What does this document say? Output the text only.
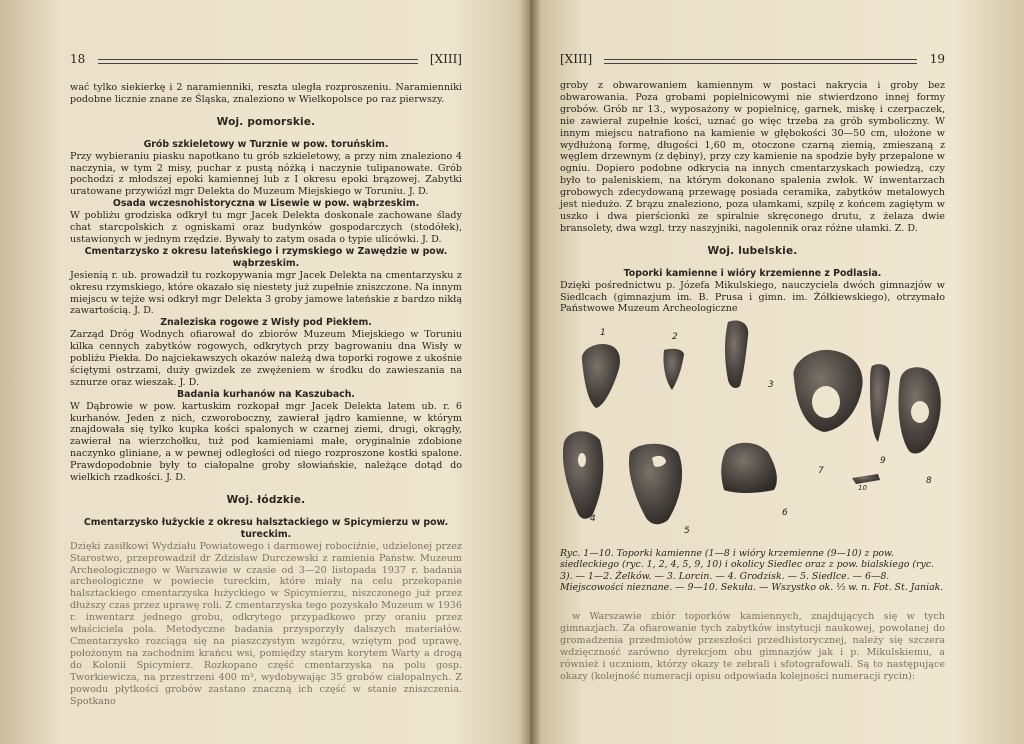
18	[XIII]

wać tylko siekierkę i 2 naramienniki, reszta uległa rozproszeniu. Naramienniki podobne licznie znane ze Śląska, znaleziono w Wielkopolsce po raz pierwszy.

Woj. pomorskie.

Grób szkieletowy w Turznie w pow. toruńskim.

Przy wybieraniu piasku napotkano tu grób szkieletowy, a przy nim znaleziono 4 naczynia, w tym 2 misy, puchar z pustą nóżką i naczynie tulipanowate. Grób pochodzi z młodszej epoki kamiennej lub z I okresu epoki brązowej. Zabytki uratowane przywiózł mgr Delekta do Muzeum Miejskiego w Toruniu. J. D.

Osada wczesnohistoryczna w Lisewie w pow. wąbrzeskim.

W pobliżu grodziska odkrył tu mgr Jacek Delekta doskonale zachowane ślady chat starcpolskich z ogniskami oraz budynków gospodarczych (stodółek), ustawionych w jednym rzędzie. Bywały to zatym osada o typie ulicówki. J. D.

Cmentarzysko z okresu lateńskiego i rzymskiego w Zawędzie w pow. wąbrzeskim.

Jesienią r. ub. prowadził tu rozkopywania mgr Jacek Delekta na cmentarzysku z okresu rzymskiego, które okazało się niestety już zupełnie zniszczone. Na innym miejscu w tejże wsi odkrył mgr Delekta 3 groby jamowe lateńskie z bardzo nikłą zawartością. J. D.

Znaleziska rogowe z Wisły pod Piekłem.

Zarząd Dróg Wodnych ofiarował do zbiorów Muzeum Miejskiego w Toruniu kilka cennych zabytków rogowych, odkrytych przy bagrowaniu dna Wisły w pobliżu Piekła. Do najciekawszych okazów należą dwa toporki rogowe z ukośnie ściętymi ostrzami, duży gwizdek ze zwężeniem w środku do zawieszania na sznurze oraz wieszak. J. D.

Badania kurhanów na Kaszubach.

W Dąbrowie w pow. kartuskim rozkopał mgr Jacek Delekta latem ub. r. 6 kurhanów. Jeden z nich, czworoboczny, zawierał jądro kamienne, w którym znajdowała się tylko kupka kości spalonych w czarnej ziemi, drugi, okrągły, zawierał na wierzchołku, tuż pod kamieniami małe, oryginalnie zdobione naczynko gliniane, a w pewnej odległości od niego rozproszone kostki spalone. Prawdopodobnie były to ciałopalne groby słowiańskie, należące dotąd do wielkich rzadkości. J. D.

Woj. łódzkie.

Cmentarzysko łużyckie z okresu halsztackiego w Spicymierzu w pow. tureckim.

Dzięki zasiłkowi Wydziału Powiatowego i darmowej robociźnie, udzielonej przez Starostwo, przeprowadził dr Zdzisław Durczewski z ramienia Państw. Muzeum Archeologicznego w Warszawie w czasie od 3—20 listopada 1937 r. badania archeologiczne w powiecie tureckim, które miały na celu przekopanie halsztackiego cmentarzyska łużyckiego w Spicymierzu, niszczonego już przez dłuższy czas przez uprawę roli. Z cmentarzyska tego pozyskało Muzeum w 1936 r. inwentarz jednego grobu, odkrytego przypadkowo przy oraniu przez właściciela pola. Metodyczne badania przysporzyły dalszych materiałów. Cmentarzysko rozciąga się na piaszczystym wzgórzu, wziętym pod uprawę, położonym na zachodnim krańcu wsi, pomiędzy starym korytem Warty a drogą do Kolonii Spicymierz. Rozkopano część cmentarzyska na polu gosp. Tworkiewicza, na przestrzeni 400 m², wydobywając 35 grobów ciałopalnych. Z powodu płytkości grobów zastano znaczną ich część w stanie zniszczenia. Spotkano

[XIII]	19

groby z obwarowaniem kamiennym w postaci nakrycia i groby bez obwarowania. Poza grobami popielnicowymi nie stwierdzono innej formy grobów. Grób nr 13., wyposażony w popielnicę, garnek, miskę i czerpaczek, nie zawierał zupełnie kości, uznać go więc trzeba za grób symboliczny. W innym miejscu natrafiono na kamienie w głębokości 30—50 cm, ułożone w wydłużoną formę, długości 1,60 m, otoczone czarną ziemią, zmieszaną z węglem drzewnym (z dębiny), przy czy kamienie na spodzie były przepalone w ogniu. Dopiero podobne odkrycia na innych cmentarzyskach powiedzą, czy było to paleniskiem, na którym dokonano spalenia zwłok. W inwentarzach grobowych zdecydowaną przewagę posiada ceramika, zabytków metalowych jest niedużo. Z brązu znaleziono, poza ułamkami, szpilę z końcem zagiętym w uszko i dwa pierścionki ze spiralnie skręconego drutu, z żelaza dwie bransolety, dwa wzgl. trzy naszyjniki, nagolennik oraz różne ułamki. Z. D.

Woj. lubelskie.

Toporki kamienne i wióry krzemienne z Podlasia.

Dzięki pośrednictwu p. Józefa Mikulskiego, nauczyciela dwóch gimnazjów w Siedlcach (gimnazjum im. B. Prusa i gimn. im. Żółkiewskiego), otrzymało Państwowe Muzeum Archeologiczne

1	2
3
4
5
6
7
8
9
10
Ryc. 1—10. Toporki kamienne (1—8 i wióry krzemienne (9—10) z pow. siedleckiego (ryc. 1, 2, 4, 5, 9, 10) i okolicy Siedlec oraz z pow. bialskiego (ryc. 3). — 1—2. Żelków. — 3. Lorcin. — 4. Grodzisk. — 5. Siedlce. — 6—8. Miejscowości nieznane. — 9—10. Sekuła. — Wszystko ok. ⅓ w. n. Fot. St. Janiak.

w Warszawie zbiór toporków kamiennych, znajdujących się w tych gimnazjach. Za ofiarowanie tych zabytków instytucji naukowej, powołanej do gromadzenia przedmiotów przeszłości przedhistorycznej, należy się szczera wdzięczność zarówno dyrekcjom obu gimnazjów jak i p. Mikulskiemu, a również i uczniom, którzy okazy te zebrali i sfotografowali. Są to następujące okazy (kolejność numeracji opisu odpowiada kolejności numeracji rycin):
